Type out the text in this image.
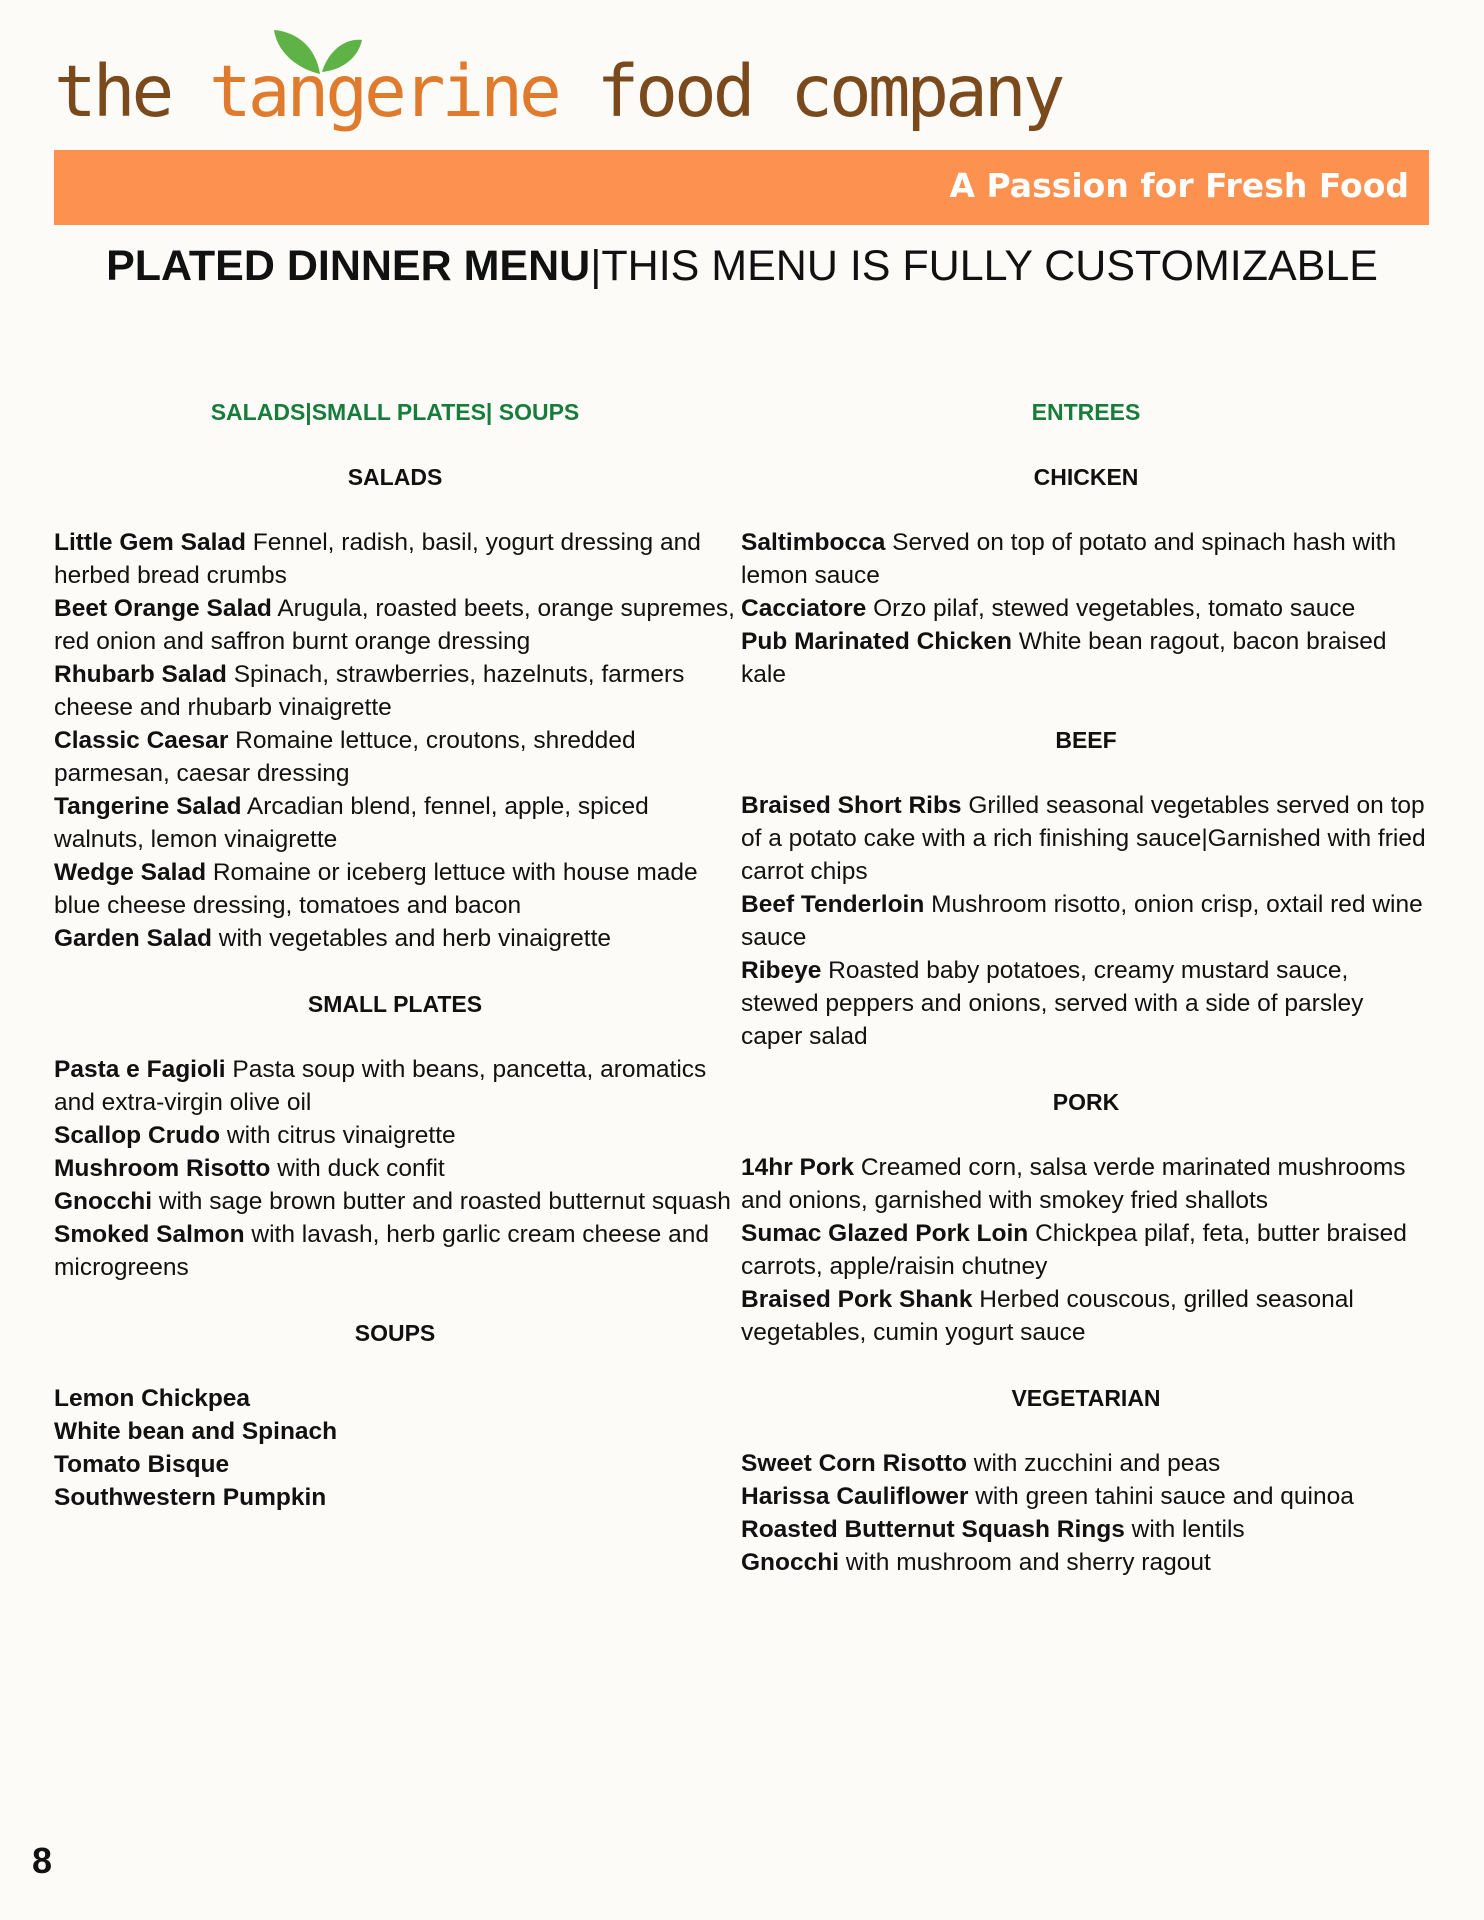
the tangerine food company
A Passion for Fresh Food
PLATED DINNER MENU|THIS MENU IS FULLY CUSTOMIZABLE
SALADS|SMALL PLATES| SOUPS
SALADS
Little Gem Salad Fennel, radish, basil, yogurt dressing and herbed bread crumbs
Beet Orange Salad Arugula, roasted beets, orange supremes, red onion and saffron burnt orange dressing
Rhubarb Salad Spinach, strawberries, hazelnuts, farmers cheese and rhubarb vinaigrette
Classic Caesar Romaine lettuce, croutons, shredded parmesan, caesar dressing
Tangerine Salad Arcadian blend, fennel, apple, spiced walnuts, lemon vinaigrette
Wedge Salad Romaine or iceberg lettuce with house made blue cheese dressing, tomatoes and bacon
Garden Salad with vegetables and herb vinaigrette
SMALL PLATES
Pasta e Fagioli Pasta soup with beans, pancetta, aromatics and extra-virgin olive oil
Scallop Crudo with citrus vinaigrette
Mushroom Risotto with duck confit
Gnocchi with sage brown butter and roasted butternut squash
Smoked Salmon with lavash, herb garlic cream cheese and microgreens
SOUPS
Lemon Chickpea
White bean and Spinach
Tomato Bisque
Southwestern Pumpkin
ENTREES
CHICKEN
Saltimbocca Served on top of potato and spinach hash with lemon sauce
Cacciatore Orzo pilaf, stewed vegetables, tomato sauce
Pub Marinated Chicken White bean ragout, bacon braised kale
BEEF
Braised Short Ribs Grilled seasonal vegetables served on top of a potato cake with a rich finishing sauce|Garnished with fried carrot chips
Beef Tenderloin Mushroom risotto, onion crisp, oxtail red wine sauce
Ribeye Roasted baby potatoes, creamy mustard sauce, stewed peppers and onions, served with a side of parsley caper salad
PORK
14hr Pork Creamed corn, salsa verde marinated mushrooms and onions, garnished with smokey fried shallots
Sumac Glazed Pork Loin Chickpea pilaf, feta, butter braised carrots, apple/raisin chutney
Braised Pork Shank Herbed couscous, grilled seasonal vegetables, cumin yogurt sauce
VEGETARIAN
Sweet Corn Risotto with zucchini and peas
Harissa Cauliflower with green tahini sauce and quinoa
Roasted Butternut Squash Rings with lentils
Gnocchi with mushroom and sherry ragout
8
